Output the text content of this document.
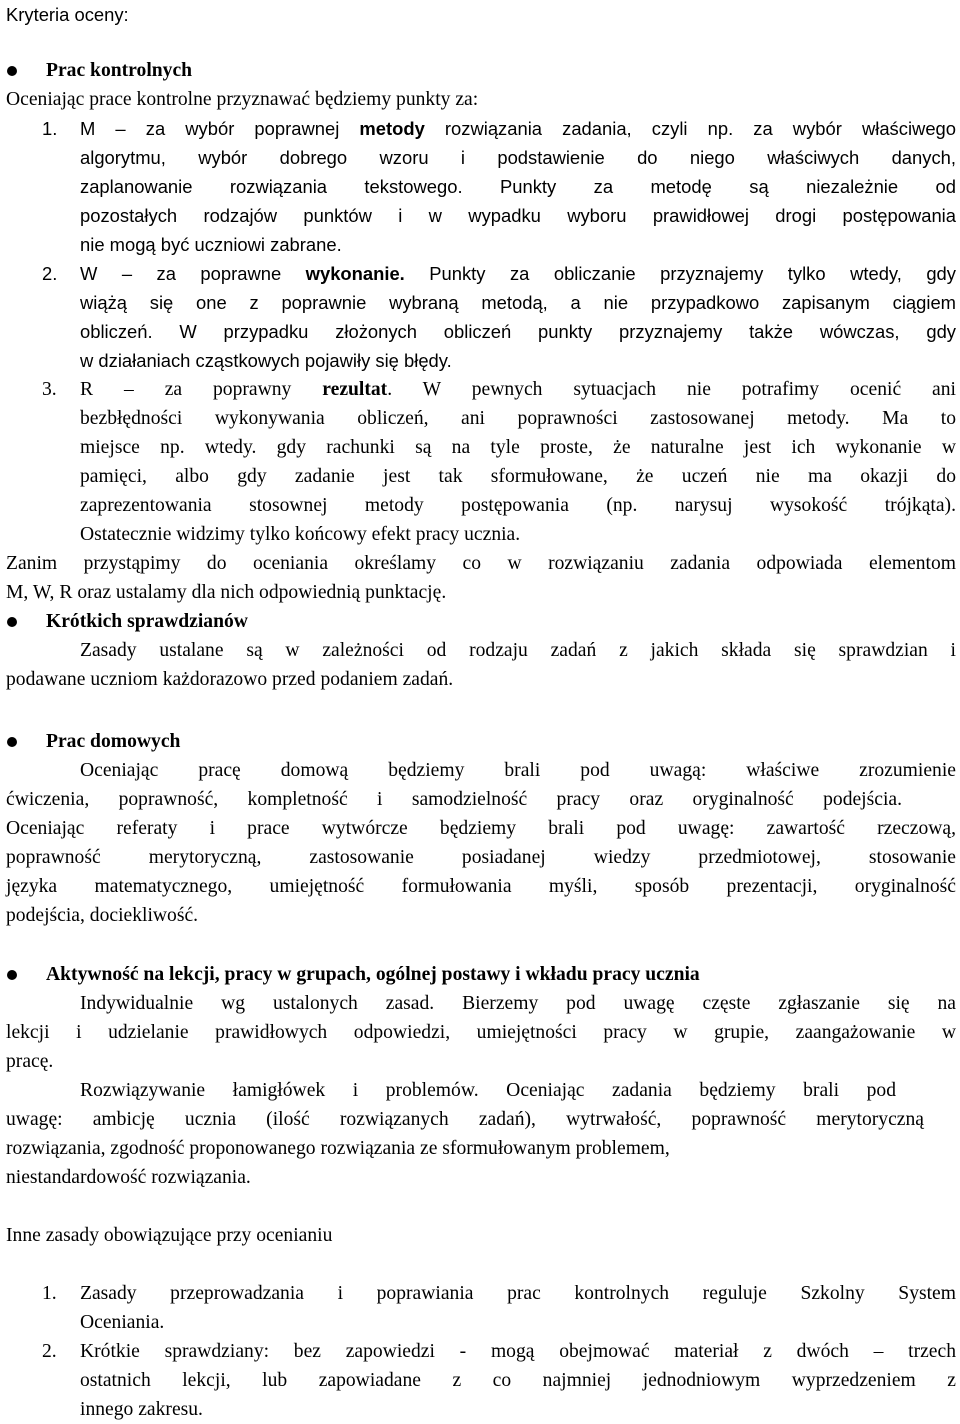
Kryteria oceny:
Prac kontrolnych
Oceniając prace kontrolne przyznawać będziemy punkty za:
1.	M – za wybór poprawnej metody rozwiązania zadania, czyli np. za wybór właściwego
algorytmu, wybór dobrego wzoru i podstawienie do niego właściwych danych,
zaplanowanie rozwiązania tekstowego. Punkty za metodę są niezależnie od
pozostałych rodzajów punktów i w wypadku wyboru prawidłowej drogi postępowania
nie mogą być uczniowi zabrane.
2.	W – za poprawne wykonanie. Punkty za obliczanie przyznajemy tylko wtedy, gdy
wiążą się one z poprawnie wybraną metodą, a nie przypadkowo zapisanym ciągiem
obliczeń. W przypadku złożonych obliczeń punkty przyznajemy także wówczas, gdy
w działaniach cząstkowych pojawiły się błędy.
3.	R – za poprawny rezultat. W pewnych sytuacjach nie potrafimy ocenić ani
bezbłędności wykonywania obliczeń, ani poprawności zastosowanej metody. Ma to
miejsce np. wtedy. gdy rachunki są na tyle proste, że naturalne jest ich wykonanie w
pamięci, albo gdy zadanie jest tak sformułowane, że uczeń nie ma okazji do
zaprezentowania stosownej metody postępowania (np. narysuj wysokość trójkąta).
Ostatecznie widzimy tylko końcowy efekt pracy ucznia.
Zanim przystąpimy do oceniania określamy co w rozwiązaniu zadania odpowiada elementom
M, W, R oraz ustalamy dla nich odpowiednią punktację.
Krótkich sprawdzianów
Zasady ustalane są w zależności od rodzaju zadań z jakich składa się sprawdzian i
podawane uczniom każdorazowo przed podaniem zadań.
Prac domowych
Oceniając pracę domową będziemy brali pod uwagą: właściwe zrozumienie
ćwiczenia, poprawność, kompletność i samodzielność pracy oraz oryginalność podejścia.
Oceniając referaty i prace wytwórcze będziemy brali pod uwagę: zawartość rzeczową,
poprawność merytoryczną, zastosowanie posiadanej wiedzy przedmiotowej, stosowanie
języka matematycznego, umiejętność formułowania myśli, sposób prezentacji, oryginalność
podejścia, dociekliwość.
Aktywność na lekcji, pracy w grupach, ogólnej postawy i wkładu pracy ucznia
Indywidualnie wg ustalonych zasad. Bierzemy pod uwagę częste zgłaszanie się na
lekcji i udzielanie prawidłowych odpowiedzi, umiejętności pracy w grupie, zaangażowanie w
pracę.
Rozwiązywanie łamigłówek i problemów. Oceniając zadania będziemy brali pod
uwagę: ambicję ucznia (ilość rozwiązanych zadań), wytrwałość, poprawność merytoryczną
rozwiązania, zgodność proponowanego rozwiązania ze sformułowanym problemem,
niestandardowość rozwiązania.
Inne zasady obowiązujące przy ocenianiu
1.	Zasady przeprowadzania i poprawiania prac kontrolnych reguluje Szkolny System
Oceniania.
2.	Krótkie sprawdziany: bez zapowiedzi - mogą obejmować materiał z dwóch – trzech
ostatnich lekcji, lub zapowiadane z co najmniej jednodniowym wyprzedzeniem z
innego zakresu.
